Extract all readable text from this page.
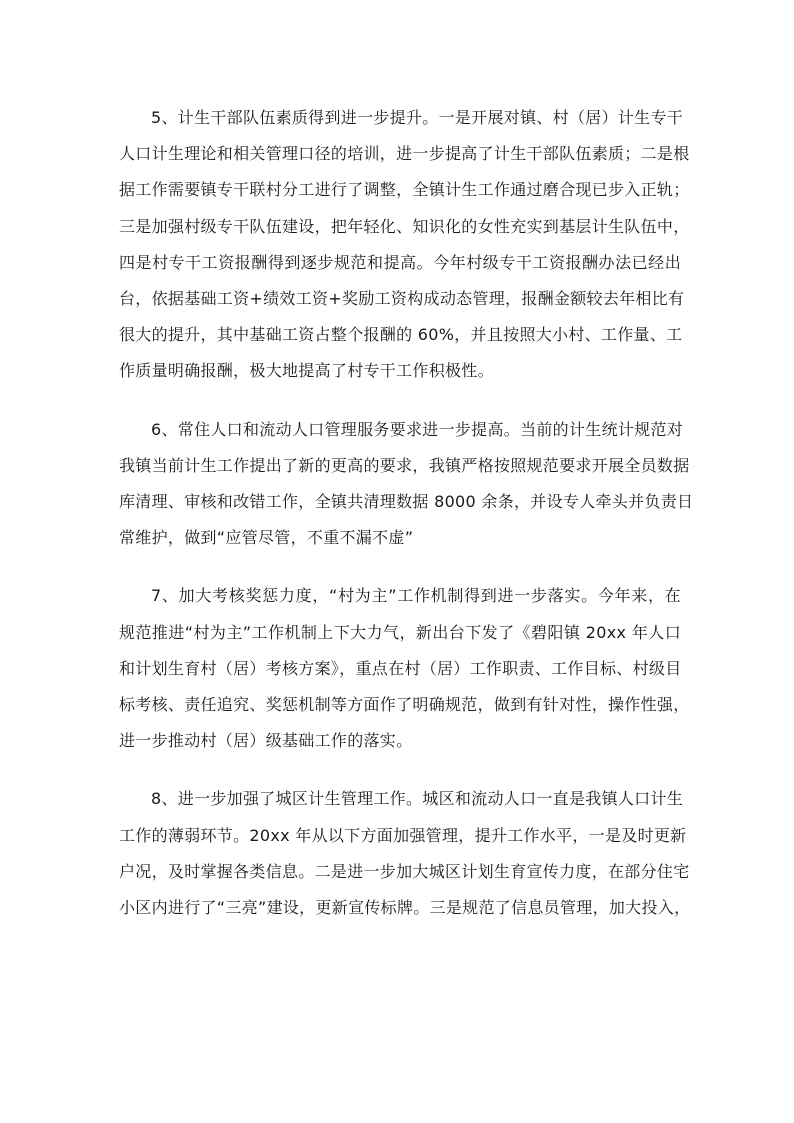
5、计生干部队伍素质得到进一步提升。一是开展对镇、村（居）计生专干
人口计生理论和相关管理口径的培训，进一步提高了计生干部队伍素质；二是根
据工作需要镇专干联村分工进行了调整，全镇计生工作通过磨合现已步入正轨；
三是加强村级专干队伍建设，把年轻化、知识化的女性充实到基层计生队伍中，
四是村专干工资报酬得到逐步规范和提高。今年村级专干工资报酬办法已经出
台，依据基础工资+绩效工资+奖励工资构成动态管理，报酬金额较去年相比有
很大的提升，其中基础工资占整个报酬的 60%，并且按照大小村、工作量、工
作质量明确报酬，极大地提高了村专干工作积极性。
6、常住人口和流动人口管理服务要求进一步提高。当前的计生统计规范对
我镇当前计生工作提出了新的更高的要求，我镇严格按照规范要求开展全员数据
库清理、审核和改错工作，全镇共清理数据 8000 余条，并设专人牵头并负责日
常维护，做到“应管尽管，不重不漏不虚”
7、加大考核奖惩力度，“村为主”工作机制得到进一步落实。今年来，在
规范推进“村为主”工作机制上下大力气，新出台下发了《碧阳镇 20xx 年人口
和计划生育村（居）考核方案》，重点在村（居）工作职责、工作目标、村级目
标考核、责任追究、奖惩机制等方面作了明确规范，做到有针对性，操作性强，
进一步推动村（居）级基础工作的落实。
8、进一步加强了城区计生管理工作。城区和流动人口一直是我镇人口计生
工作的薄弱环节。20xx 年从以下方面加强管理，提升工作水平，一是及时更新
户况，及时掌握各类信息。二是进一步加大城区计划生育宣传力度，在部分住宅
小区内进行了“三亮”建设，更新宣传标牌。三是规范了信息员管理，加大投入，
